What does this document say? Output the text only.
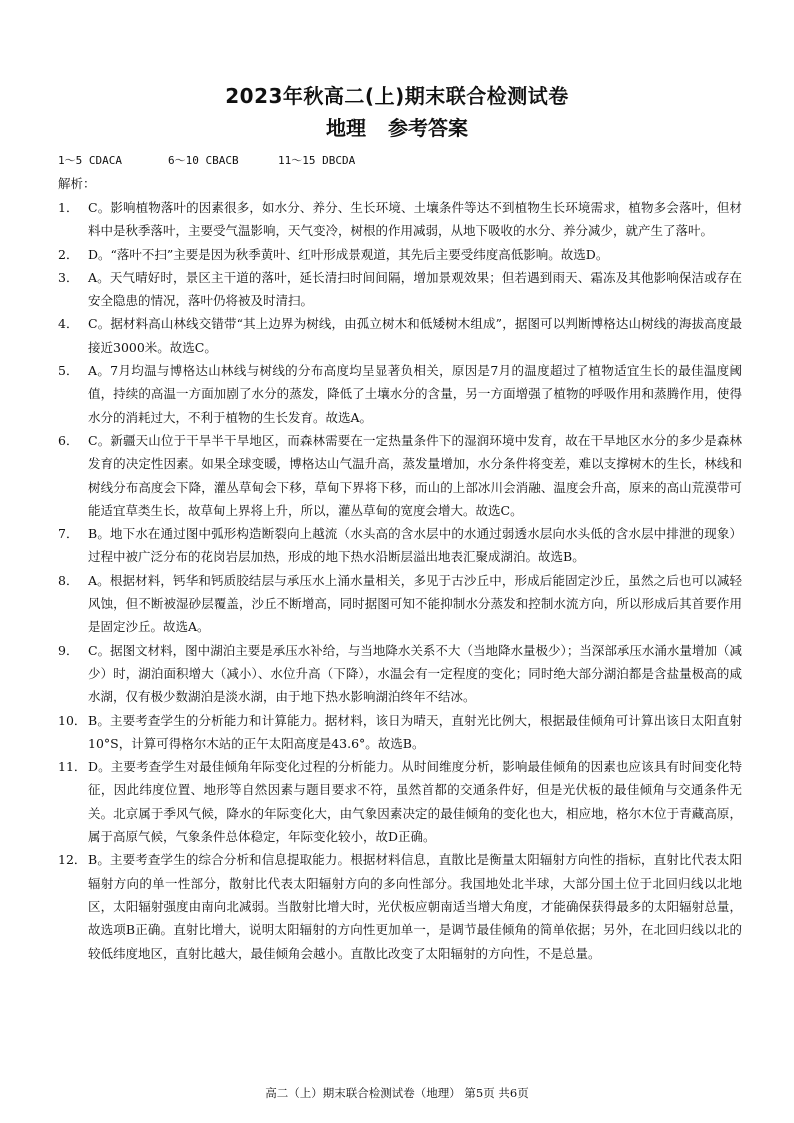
2023年秋高二(上)期末联合检测试卷
地理 参考答案
1～5 CDACA	6～10 CBACB	11～15 DBCDA
解析：
1． C。影响植物落叶的因素很多，如水分、养分、生长环境、土壤条件等达不到植物生长环境需求，植物多会落叶，但材料中是秋季落叶，主要受气温影响，天气变冷，树根的作用减弱，从地下吸收的水分、养分减少，就产生了落叶。
2． D。“落叶不扫”主要是因为秋季黄叶、红叶形成景观道，其先后主要受纬度高低影响。故选D。
3． A。天气晴好时，景区主干道的落叶，延长清扫时间间隔，增加景观效果；但若遇到雨天、霜冻及其他影响保洁或存在安全隐患的情况，落叶仍将被及时清扫。
4． C。据材料高山林线交错带“其上边界为树线，由孤立树木和低矮树木组成”，据图可以判断博格达山树线的海拔高度最接近3000米。故选C。
5． A。7月均温与博格达山林线与树线的分布高度均呈显著负相关，原因是7月的温度超过了植物适宜生长的最佳温度阈值，持续的高温一方面加剧了水分的蒸发，降低了土壤水分的含量，另一方面增强了植物的呼吸作用和蒸腾作用，使得水分的消耗过大，不利于植物的生长发育。故选A。
6． C。新疆天山位于干旱半干旱地区，而森林需要在一定热量条件下的湿润环境中发育，故在干旱地区水分的多少是森林发育的决定性因素。如果全球变暖，博格达山气温升高，蒸发量增加，水分条件将变差，难以支撑树木的生长，林线和树线分布高度会下降，灌丛草甸会下移，草甸下界将下移，而山的上部冰川会消融、温度会升高，原来的高山荒漠带可能适宜草类生长，故草甸上界将上升，所以，灌丛草甸的宽度会增大。故选C。
7． B。地下水在通过图中弧形构造断裂向上越流（水头高的含水层中的水通过弱透水层向水头低的含水层中排泄的现象）过程中被广泛分布的花岗岩层加热，形成的地下热水沿断层溢出地表汇聚成湖泊。故选B。
8． A。根据材料，钙华和钙质胶结层与承压水上涌水量相关，多见于古沙丘中，形成后能固定沙丘，虽然之后也可以减轻风蚀，但不断被湿砂层覆盖，沙丘不断增高，同时据图可知不能抑制水分蒸发和控制水流方向，所以形成后其首要作用是固定沙丘。故选A。
9． C。据图文材料，图中湖泊主要是承压水补给，与当地降水关系不大（当地降水量极少）；当深部承压水涌水量增加（减少）时，湖泊面积增大（减小）、水位升高（下降），水温会有一定程度的变化；同时绝大部分湖泊都是含盐量极高的咸水湖，仅有极少数湖泊是淡水湖，由于地下热水影响湖泊终年不结冰。
10． B。主要考查学生的分析能力和计算能力。据材料，该日为晴天，直射光比例大，根据最佳倾角可计算出该日太阳直射10°S，计算可得格尔木站的正午太阳高度是43.6°。故选B。
11． D。主要考查学生对最佳倾角年际变化过程的分析能力。从时间维度分析，影响最佳倾角的因素也应该具有时间变化特征，因此纬度位置、地形等自然因素与题目要求不符，虽然首都的交通条件好，但是光伏板的最佳倾角与交通条件无关。北京属于季风气候，降水的年际变化大，由气象因素决定的最佳倾角的变化也大，相应地，格尔木位于青藏高原，属于高原气候，气象条件总体稳定，年际变化较小，故D正确。
12． B。主要考查学生的综合分析和信息提取能力。根据材料信息，直散比是衡量太阳辐射方向性的指标，直射比代表太阳辐射方向的单一性部分，散射比代表太阳辐射方向的多向性部分。我国地处北半球，大部分国土位于北回归线以北地区，太阳辐射强度由南向北减弱。当散射比增大时，光伏板应朝南适当增大角度，才能确保获得最多的太阳辐射总量，故选项B正确。直射比增大，说明太阳辐射的方向性更加单一，是调节最佳倾角的简单依据；另外，在北回归线以北的较低纬度地区，直射比越大，最佳倾角会越小。直散比改变了太阳辐射的方向性，不是总量。
高二（上）期末联合检测试卷（地理） 第5页 共6页
